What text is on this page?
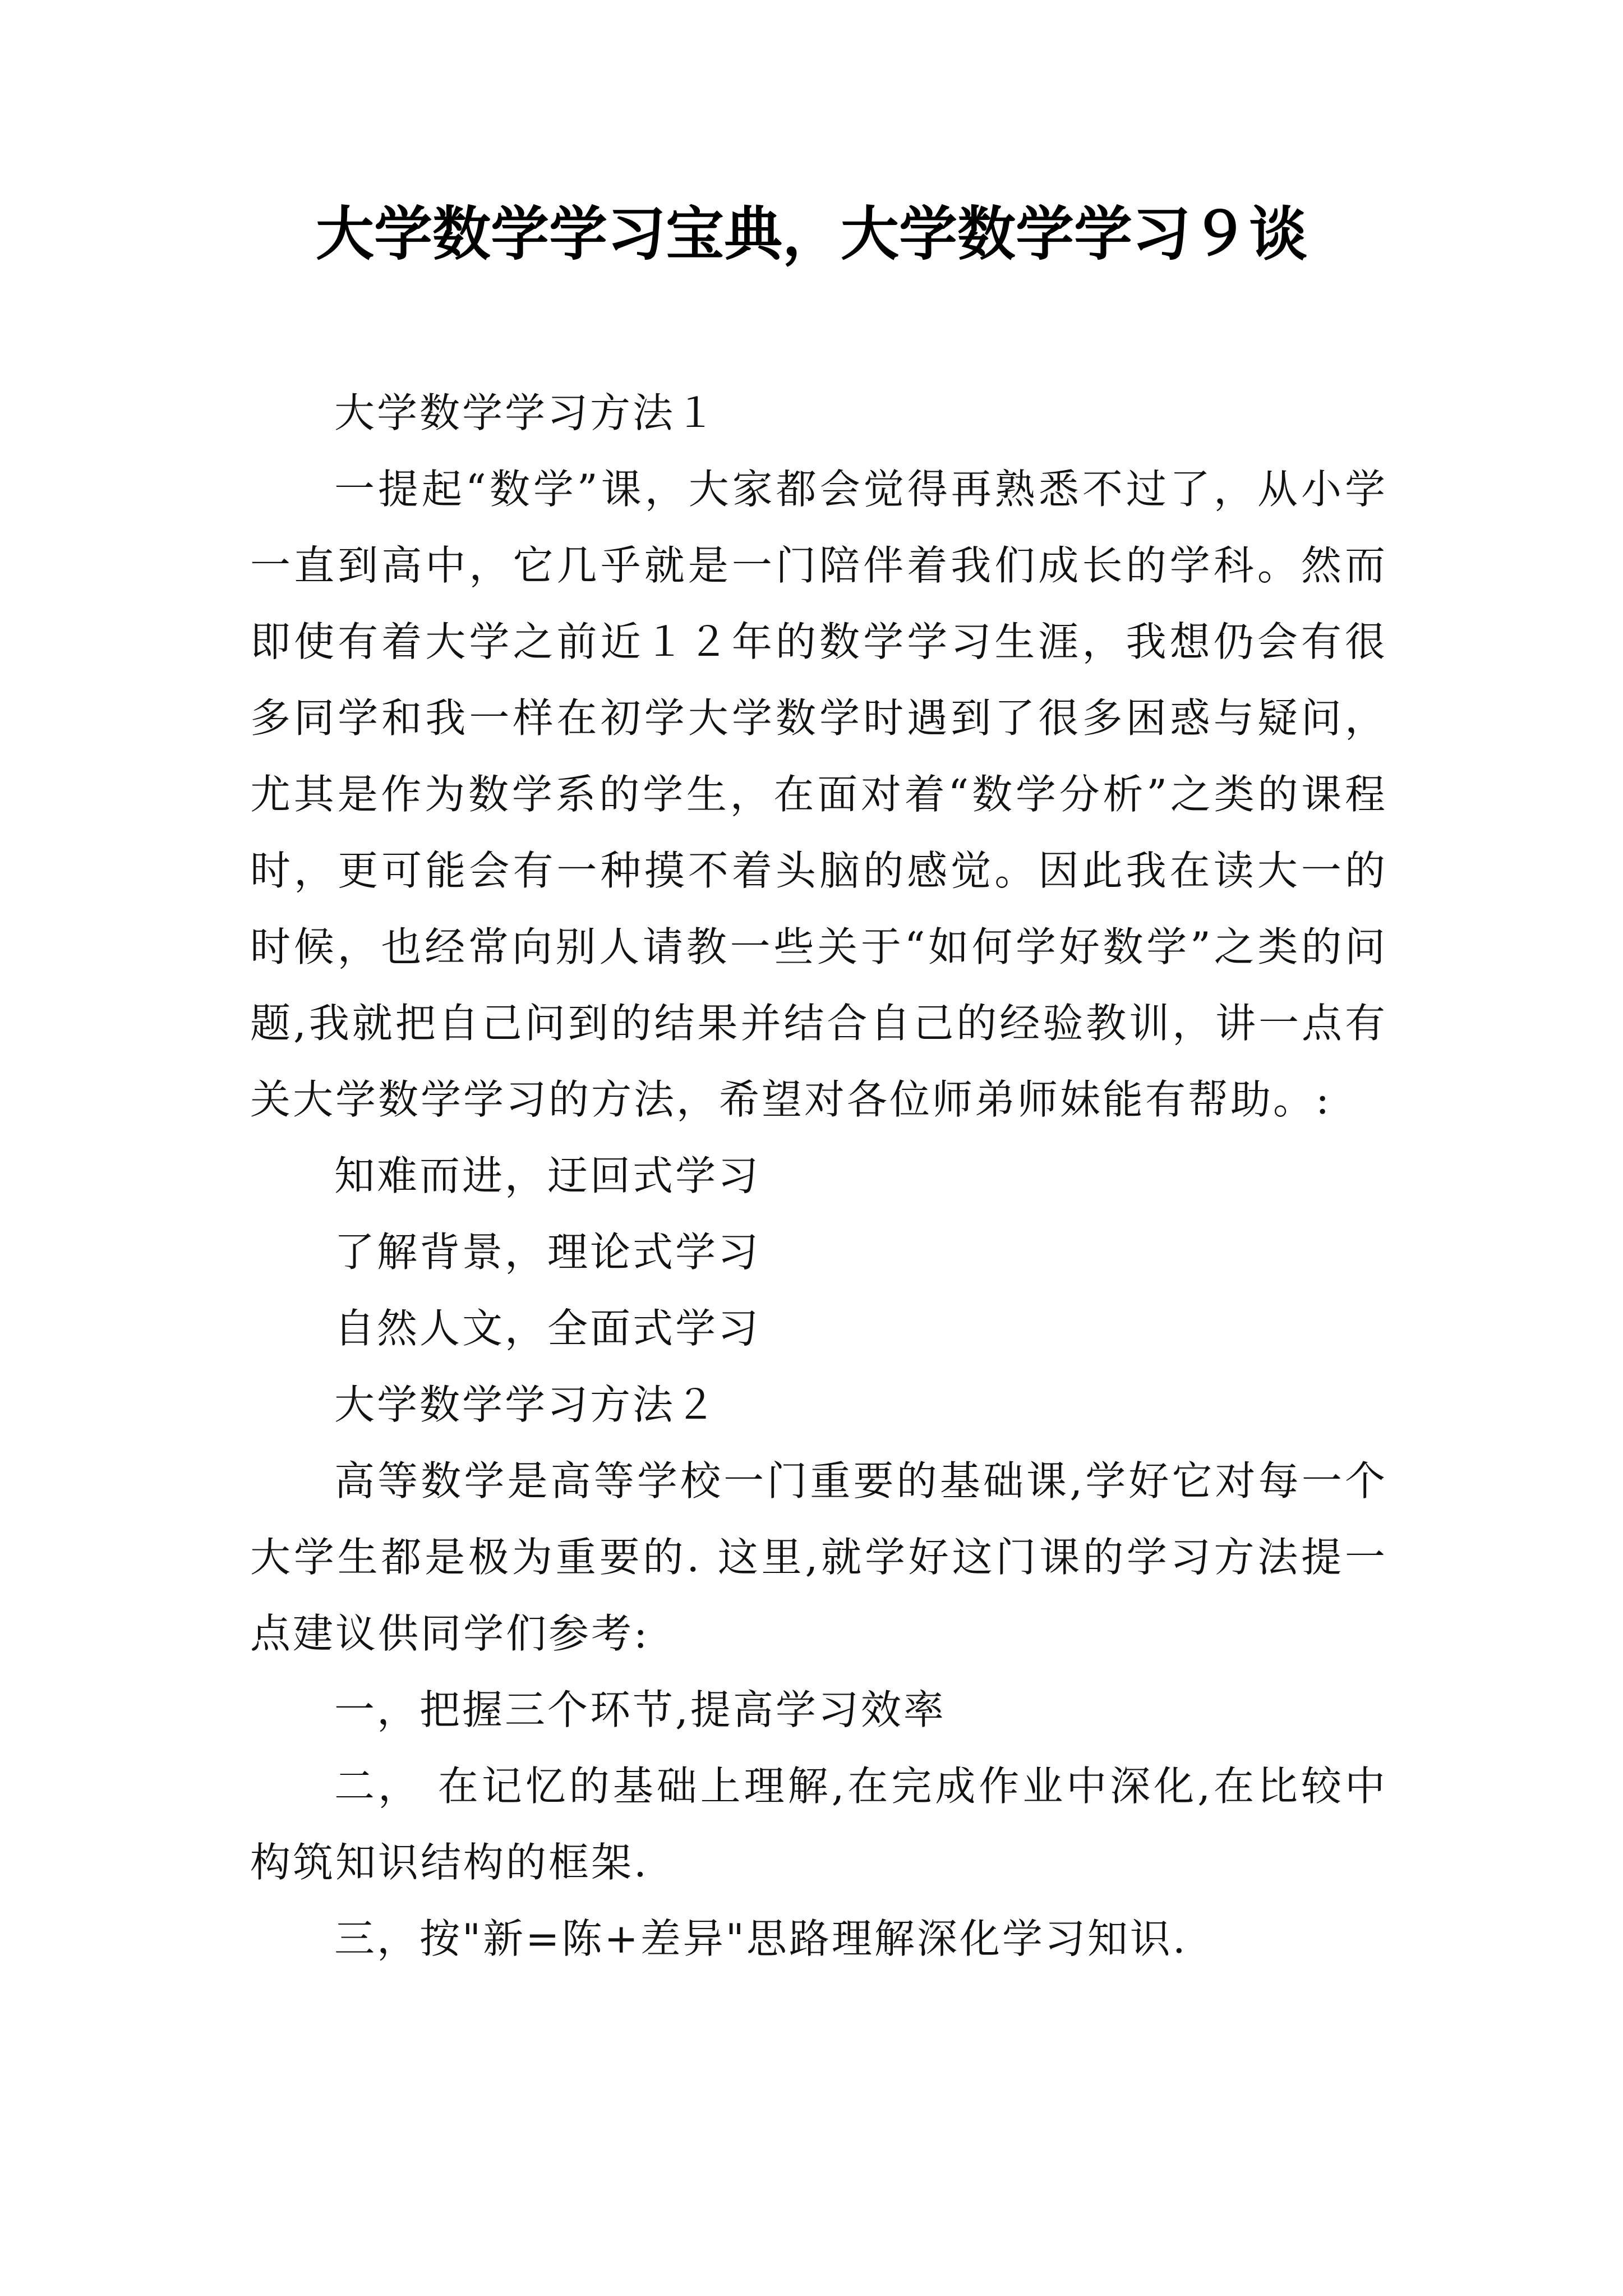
大学数学学习宝典，大学数学学习９谈

大学数学学习方法１

一提起“数学”课，大家都会觉得再熟悉不过了，从小学一直到高中，它几乎就是一门陪伴着我们成长的学科。然而即使有着大学之前近１２年的数学学习生涯，我想仍会有很多同学和我一样在初学大学数学时遇到了很多困惑与疑问，尤其是作为数学系的学生，在面对着“数学分析”之类的课程时，更可能会有一种摸不着头脑的感觉。因此我在读大一的时候，也经常向别人请教一些关于“如何学好数学”之类的问题,我就把自己问到的结果并结合自己的经验教训，讲一点有关大学数学学习的方法，希望对各位师弟师妹能有帮助。:

知难而进，迂回式学习

了解背景，理论式学习

自然人文，全面式学习

大学数学学习方法２

高等数学是高等学校一门重要的基础课,学好它对每一个大学生都是极为重要的. 这里,就学好这门课的学习方法提一点建议供同学们参考:

一，把握三个环节,提高学习效率

二， 在记忆的基础上理解,在完成作业中深化,在比较中构筑知识结构的框架.

三，按"新=陈+差异"思路理解深化学习知识.
